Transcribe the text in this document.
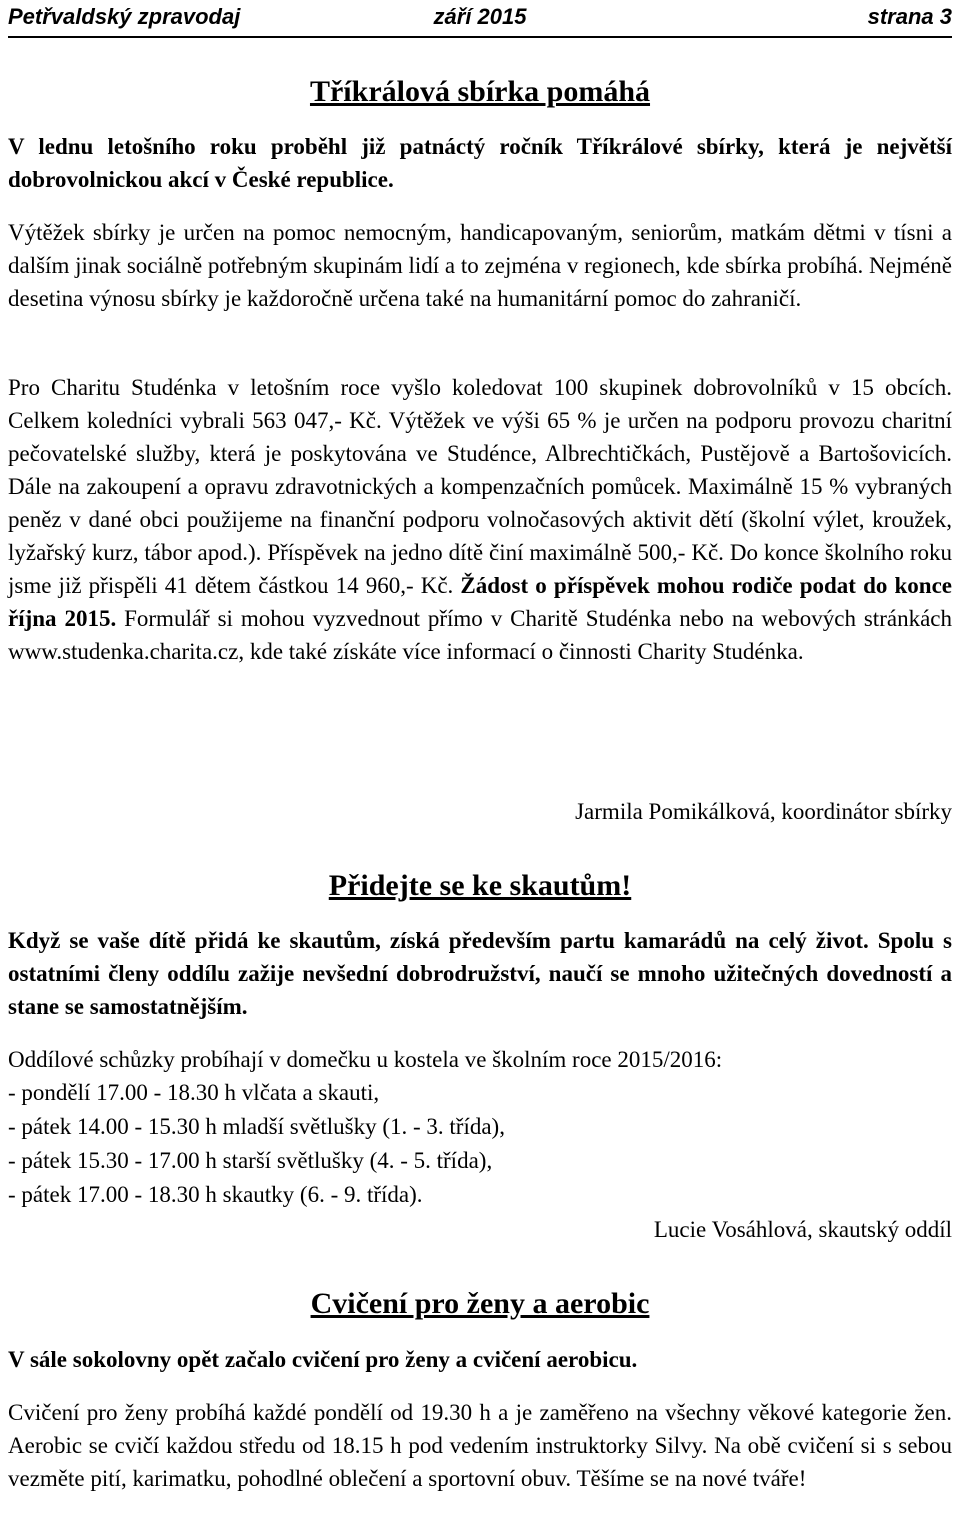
Petřvaldský zpravodaj	září 2015	strana 3
Tříkrálová sbírka pomáhá
V lednu letošního roku proběhl již patnáctý ročník Tříkrálové sbírky, která je největší dobrovolnickou akcí v České republice.
Výtěžek sbírky je určen na pomoc nemocným, handicapovaným, seniorům, matkám dětmi v tísni a dalším jinak sociálně potřebným skupinám lidí a to zejména v regionech, kde sbírka probíhá. Nejméně desetina výnosu sbírky je každoročně určena také na humanitární pomoc do zahraničí.
Pro Charitu Studénka v letošním roce vyšlo koledovat 100 skupinek dobrovolníků v 15 obcích. Celkem koledníci vybrali 563 047,- Kč. Výtěžek ve výši 65 % je určen na podporu provozu charitní pečovatelské služby, která je poskytována ve Studénce, Albrechtičkách, Pustějově a Bartošovicích. Dále na zakoupení a opravu zdravotnických a kompenzačních pomůcek. Maximálně 15 % vybraných peněz v dané obci použijeme na finanční podporu volnočasových aktivit dětí (školní výlet, kroužek, lyžařský kurz, tábor apod.). Příspěvek na jedno dítě činí maximálně 500,- Kč. Do konce školního roku jsme již přispěli 41 dětem částkou 14 960,- Kč. Žádost o příspěvek mohou rodiče podat do konce října 2015. Formulář si mohou vyzvednout přímo v Charitě Studénka nebo na webových stránkách www.studenka.charita.cz, kde také získáte více informací o činnosti Charity Studénka.
Jarmila Pomikálková, koordinátor sbírky
Přidejte se ke skautům!
Když se vaše dítě přidá ke skautům, získá především partu kamarádů na celý život. Spolu s ostatními členy oddílu zažije nevšední dobrodružství, naučí se mnoho užitečných dovedností a stane se samostatnějším.
Oddílové schůzky probíhají v domečku u kostela ve školním roce 2015/2016:
- pondělí 17.00 - 18.30 h vlčata a skauti,
- pátek 14.00 - 15.30 h mladší světlušky (1. - 3. třída),
- pátek 15.30 - 17.00 h starší světlušky (4. - 5. třída),
- pátek 17.00 - 18.30 h skautky (6. - 9. třída).
Lucie Vosáhlová, skautský oddíl
Cvičení pro ženy a aerobic
V sále sokolovny opět začalo cvičení pro ženy a cvičení aerobicu.
Cvičení pro ženy probíhá každé pondělí od 19.30 h a je zaměřeno na všechny věkové kategorie žen. Aerobic se cvičí každou středu od 18.15 h pod vedením instruktorky Silvy. Na obě cvičení si s sebou vezměte pití, karimatku, pohodlné oblečení a sportovní obuv. Těšíme se na nové tváře!
